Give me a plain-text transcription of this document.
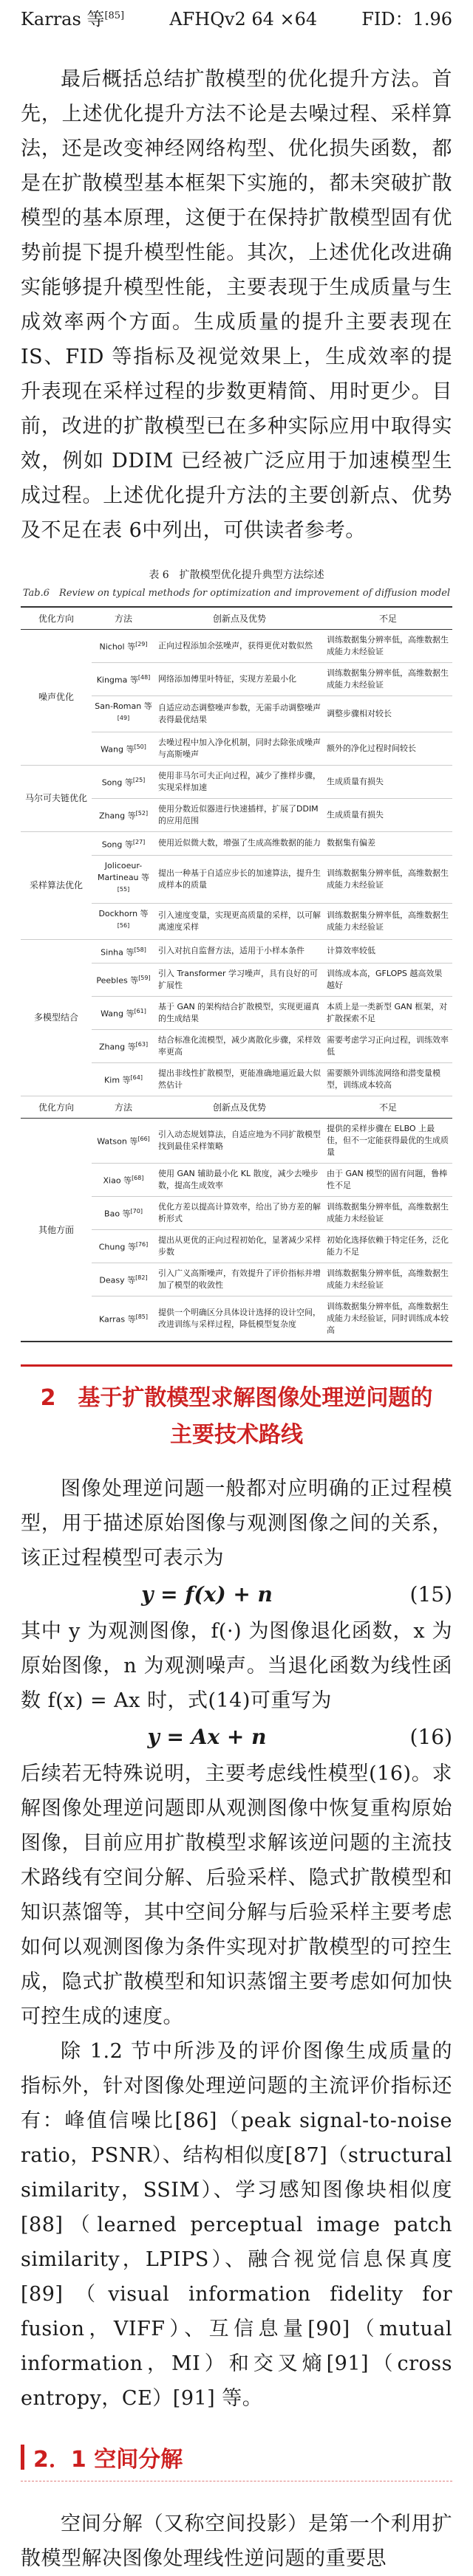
Karras 等[85]	AFHQv2 64 ×64	FID：1.96

最后概括总结扩散模型的优化提升方法。首先，上述优化提升方法不论是去噪过程、采样算法，还是改变神经网络构型、优化损失函数，都是在扩散模型基本框架下实施的，都未突破扩散模型的基本原理，这便于在保持扩散模型固有优势前提下提升模型性能。其次，上述优化改进确实能够提升模型性能，主要表现于生成质量与生成效率两个方面。生成质量的提升主要表现在 IS、FID 等指标及视觉效果上，生成效率的提升表现在采样过程的步数更精简、用时更少。目前，改进的扩散模型已在多种实际应用中取得实效，例如 DDIM 已经被广泛应用于加速模型生成过程。上述优化提升方法的主要创新点、优势及不足在表 6中列出，可供读者参考。

表 6　扩散模型优化提升典型方法综述
Tab.6　Review on typical methods for optimization and improvement of diffusion model
优化方向	方法	创新点及优势	不足
噪声优化	Nichol 等[29]	正向过程添加余弦噪声，获得更优对数似然	训练数据集分辨率低，高维数据生成能力未经验证
	Kingma 等[48]	网络添加傅里叶特征，实现方差最小化	训练数据集分辨率低，高维数据生成能力未经验证
	San-Roman 等[49]	自适应动态调整噪声参数，无需手动调整噪声表得最优结果	调整步骤相对较长
	Wang 等[50]	去噪过程中加入净化机制，同时去除张成噪声与高斯噪声	额外的净化过程时间较长
马尔可夫链优化	Song 等[25]	使用非马尔可夫正向过程，减少了推样步骤，实现采样加速	生成质量有损失
	Zhang 等[52]	使用分数近似器进行快速插样，扩展了DDIM 的应用范围	生成质量有损失
采样算法优化	Song 等[27]	使用近似微大数，增强了生成高维数据的能力	数据集有偏差
	Jolicoeur-Martineau 等[55]	提出一种基于自适应步长的加速算法，提升生成样本的质量	训练数据集分辨率低，高维数据生成能力未经验证
	Dockhorn 等[56]	引入速度变量，实现更高质量的采样，以可解离速度采样	训练数据集分辨率低，高维数据生成能力未经验证
多模型结合	Sinha 等[58]	引入对抗自监督方法，适用于小样本条件	计算效率较低
	Peebles 等[59]	引入 Transformer 学习噪声，具有良好的可扩展性	训练成本高，GFLOPS 越高效果越好
	Wang 等[61]	基于 GAN 的架构结合扩散模型，实现更逼真的生成结果	本质上是一类新型 GAN 框架，对扩散探索不足
	Zhang 等[63]	结合标准化流模型，减少离散化步骤，采样效率更高	需要考虑学习正向过程，训练效率低
	Kim 等[64]	提出非线性扩散模型，更能准确地逼近最大似然估计	需要额外训练流网络和潜变量模型，训练成本较高
优化方向	方法	创新点及优势	不足
其他方面	Watson 等[66]	引入动态规划算法，自适应地为不同扩散模型找到最佳采样策略	提供的采样步骤在 ELBO 上最佳，但不一定能获得最优的生成质量
	Xiao 等[68]	使用 GAN 辅助最小化 KL 散度，减少去噪步数，提高生成效率	由于 GAN 模型的固有问题，鲁棒性不足
	Bao 等[70]	优化方差以提高计算效率，给出了协方差的解析形式	训练数据集分辨率低，高维数据生成能力未经验证
	Chung 等[76]	提出从更优的正向过程初始化，显著减少采样步数	初始化选择依赖于特定任务，泛化能力不足
	Deasy 等[82]	引入广义高斯噪声，有效提升了评价指标并增加了模型的收敛性	训练数据集分辨率低，高维数据生成能力未经验证
	Karras 等[85]	提供一个明确区分具体设计选择的设计空间，改进训练与采样过程，降低模型复杂度	训练数据集分辨率低，高维数据生成能力未经验证，同时训练成本较高
2　基于扩散模型求解图像处理逆问题的
主要技术路线

图像处理逆问题一般都对应明确的正过程模型，用于描述原始图像与观测图像之间的关系，该正过程模型可表示为

y = f(x) + n	(15)

其中 y 为观测图像，f(·) 为图像退化函数，x 为原始图像，n 为观测噪声。当退化函数为线性函数 f(x) = Ax 时，式(14)可重写为

y = Ax + n	(16)

后续若无特殊说明，主要考虑线性模型(16)。求解图像处理逆问题即从观测图像中恢复重构原始图像，目前应用扩散模型求解该逆问题的主流技术路线有空间分解、后验采样、隐式扩散模型和知识蒸馏等，其中空间分解与后验采样主要考虑如何以观测图像为条件实现对扩散模型的可控生成，隐式扩散模型和知识蒸馏主要考虑如何加快可控生成的速度。

除 1.2 节中所涉及的评价图像生成质量的指标外，针对图像处理逆问题的主流评价指标还有：峰值信噪比[86]（peak signal-to-noise ratio，PSNR）、结构相似度[87]（structural similarity，SSIM）、学习感知图像块相似度[88]（learned perceptual image patch similarity，LPIPS）、融合视觉信息保真度[89]（visual information fidelity for fusion，VIFF）、互信息量[90]（mutual information，MI）和交叉熵[91]（cross entropy，CE）[91] 等。

2．1 空间分解

空间分解（又称空间投影）是第一个利用扩散模型解决图像处理线性逆问题的重要思
